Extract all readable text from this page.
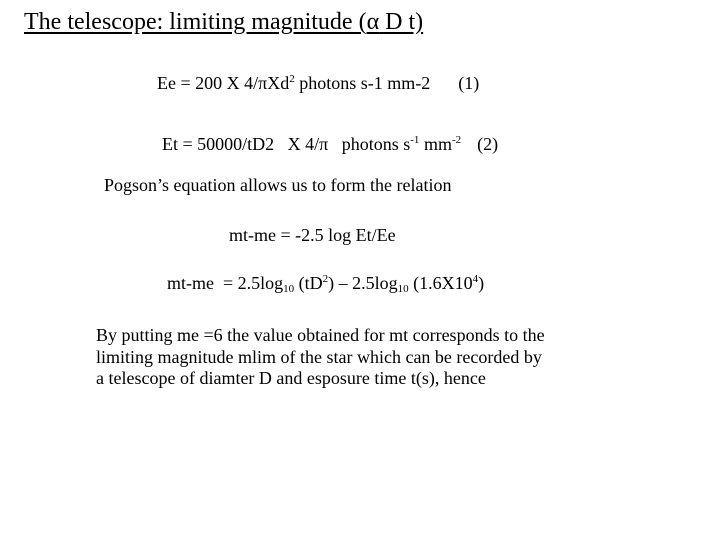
The telescope: limiting magnitude (α D t)
Ee = 200 X 4/πXd$^2$ photons s-1 mm-2 (1)
Et = 50000/tD2   X 4/π   photons $s^{-1}$ $mm^{-2}$ (2)
Pogson’s equation allows us to form the relation
mt-me = -2.5 log Et/Ee
$mt-me = 2.5\log_{10}$ $(tD^2) - 2.5\log_{10}$ $(1.6X10^4)$
By putting me =6 the value obtained for mt corresponds to the
limiting magnitude mlim of the star which can be recorded by
a telescope of diamter D and esposure time t(s), hence
